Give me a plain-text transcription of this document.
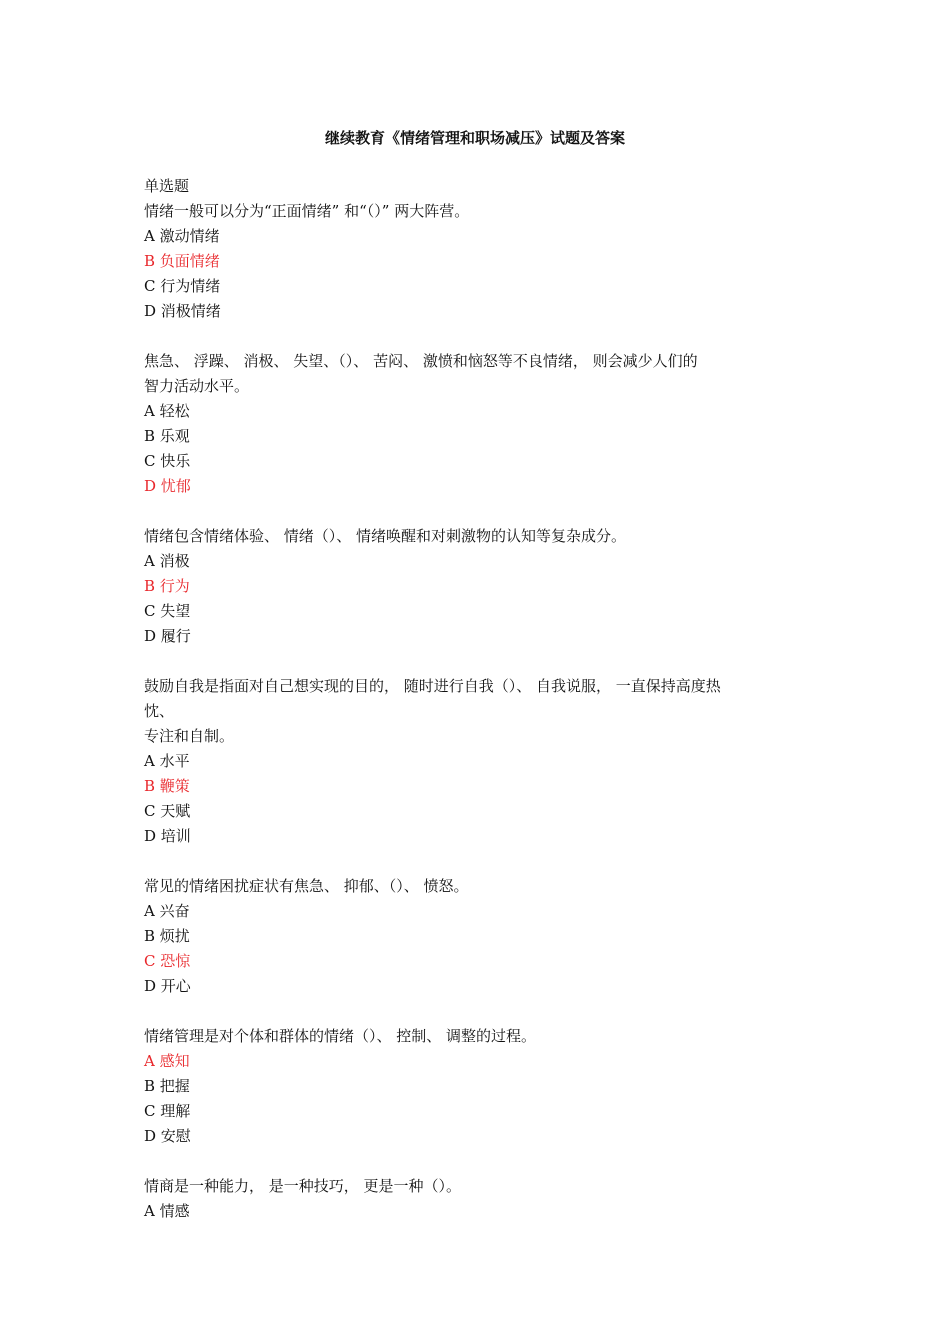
继续教育《情绪管理和职场减压》试题及答案

单选题

情绪一般可以分为“正面情绪” 和“（）” 两大阵营。

A 激动情绪

B 负面情绪

C 行为情绪

D 消极情绪

焦急、 浮躁、 消极、 失望、（）、 苦闷、 激愤和恼怒等不良情绪， 则会减少人们的

智力活动水平。

A 轻松

B 乐观

C 快乐

D 忧郁

情绪包含情绪体验、 情绪（）、 情绪唤醒和对刺激物的认知等复杂成分。

A 消极

B 行为

C 失望

D 履行

鼓励自我是指面对自己想实现的目的， 随时进行自我（）、 自我说服， 一直保持高度热

忱、

专注和自制。

A 水平

B 鞭策

C 天赋

D 培训

常见的情绪困扰症状有焦急、 抑郁、（）、 愤怒。

A 兴奋

B 烦扰

C 恐惊

D 开心

情绪管理是对个体和群体的情绪（）、 控制、 调整的过程。

A 感知

B 把握

C 理解

D 安慰

情商是一种能力， 是一种技巧， 更是一种（）。

A 情感
